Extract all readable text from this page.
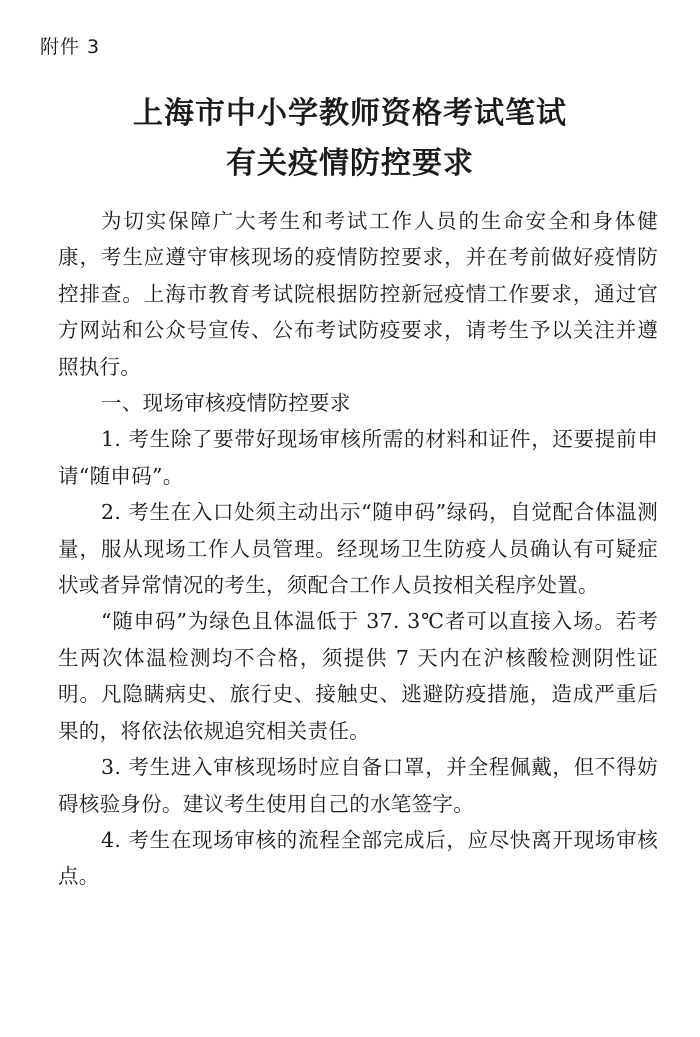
附件 3
上海市中小学教师资格考试笔试
有关疫情防控要求

为切实保障广大考生和考试工作人员的生命安全和身体健康，考生应遵守审核现场的疫情防控要求，并在考前做好疫情防控排查。上海市教育考试院根据防控新冠疫情工作要求，通过官方网站和公众号宣传、公布考试防疫要求，请考生予以关注并遵照执行。

一、现场审核疫情防控要求

1. 考生除了要带好现场审核所需的材料和证件，还要提前申请“随申码”。

2. 考生在入口处须主动出示“随申码”绿码，自觉配合体温测量，服从现场工作人员管理。经现场卫生防疫人员确认有可疑症状或者异常情况的考生，须配合工作人员按相关程序处置。

“随申码”为绿色且体温低于 37. 3℃者可以直接入场。若考生两次体温检测均不合格，须提供 7 天内在沪核酸检测阴性证明。凡隐瞒病史、旅行史、接触史、逃避防疫措施，造成严重后果的，将依法依规追究相关责任。

3. 考生进入审核现场时应自备口罩，并全程佩戴，但不得妨碍核验身份。建议考生使用自己的水笔签字。

4. 考生在现场审核的流程全部完成后，应尽快离开现场审核点。
